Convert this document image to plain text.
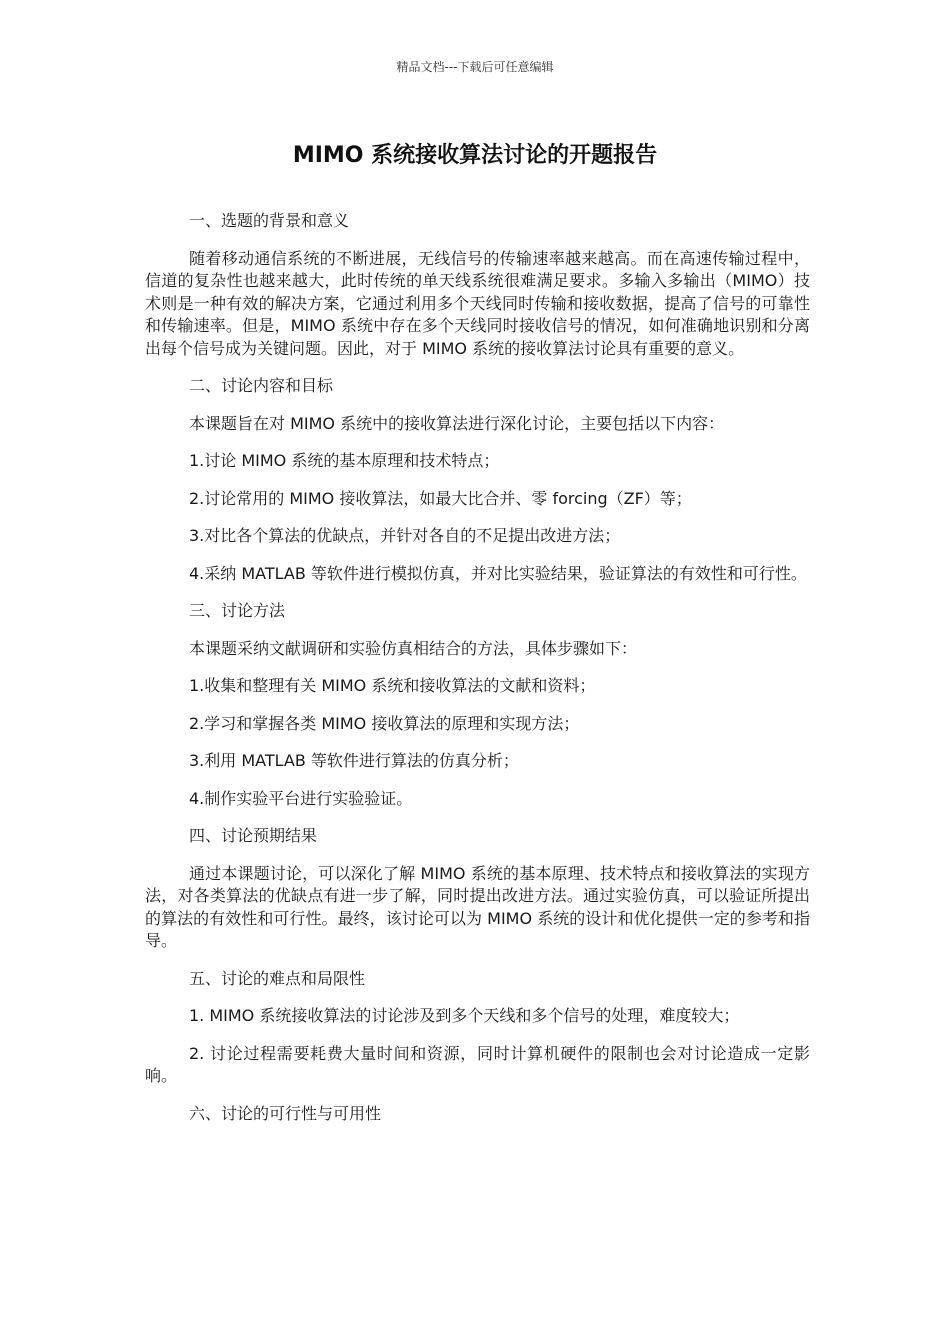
精品文档---下载后可任意编辑
MIMO 系统接收算法讨论的开题报告

一、选题的背景和意义

随着移动通信系统的不断进展，无线信号的传输速率越来越高。而在高速传输过程中，信道的复杂性也越来越大，此时传统的单天线系统很难满足要求。多输入多输出（MIMO）技术则是一种有效的解决方案，它通过利用多个天线同时传输和接收数据，提高了信号的可靠性和传输速率。但是，MIMO 系统中存在多个天线同时接收信号的情况，如何准确地识别和分离出每个信号成为关键问题。因此，对于 MIMO 系统的接收算法讨论具有重要的意义。

二、讨论内容和目标

本课题旨在对 MIMO 系统中的接收算法进行深化讨论，主要包括以下内容：

1.讨论 MIMO 系统的基本原理和技术特点；

2.讨论常用的 MIMO 接收算法，如最大比合并、零 forcing（ZF）等；

3.对比各个算法的优缺点，并针对各自的不足提出改进方法；

4.采纳 MATLAB 等软件进行模拟仿真，并对比实验结果，验证算法的有效性和可行性。

三、讨论方法

本课题采纳文献调研和实验仿真相结合的方法，具体步骤如下：

1.收集和整理有关 MIMO 系统和接收算法的文献和资料；

2.学习和掌握各类 MIMO 接收算法的原理和实现方法；

3.利用 MATLAB 等软件进行算法的仿真分析；

4.制作实验平台进行实验验证。

四、讨论预期结果

通过本课题讨论，可以深化了解 MIMO 系统的基本原理、技术特点和接收算法的实现方法，对各类算法的优缺点有进一步了解，同时提出改进方法。通过实验仿真，可以验证所提出的算法的有效性和可行性。最终，该讨论可以为 MIMO 系统的设计和优化提供一定的参考和指导。

五、讨论的难点和局限性

1. MIMO 系统接收算法的讨论涉及到多个天线和多个信号的处理，难度较大；

2. 讨论过程需要耗费大量时间和资源，同时计算机硬件的限制也会对讨论造成一定影响。

六、讨论的可行性与可用性
